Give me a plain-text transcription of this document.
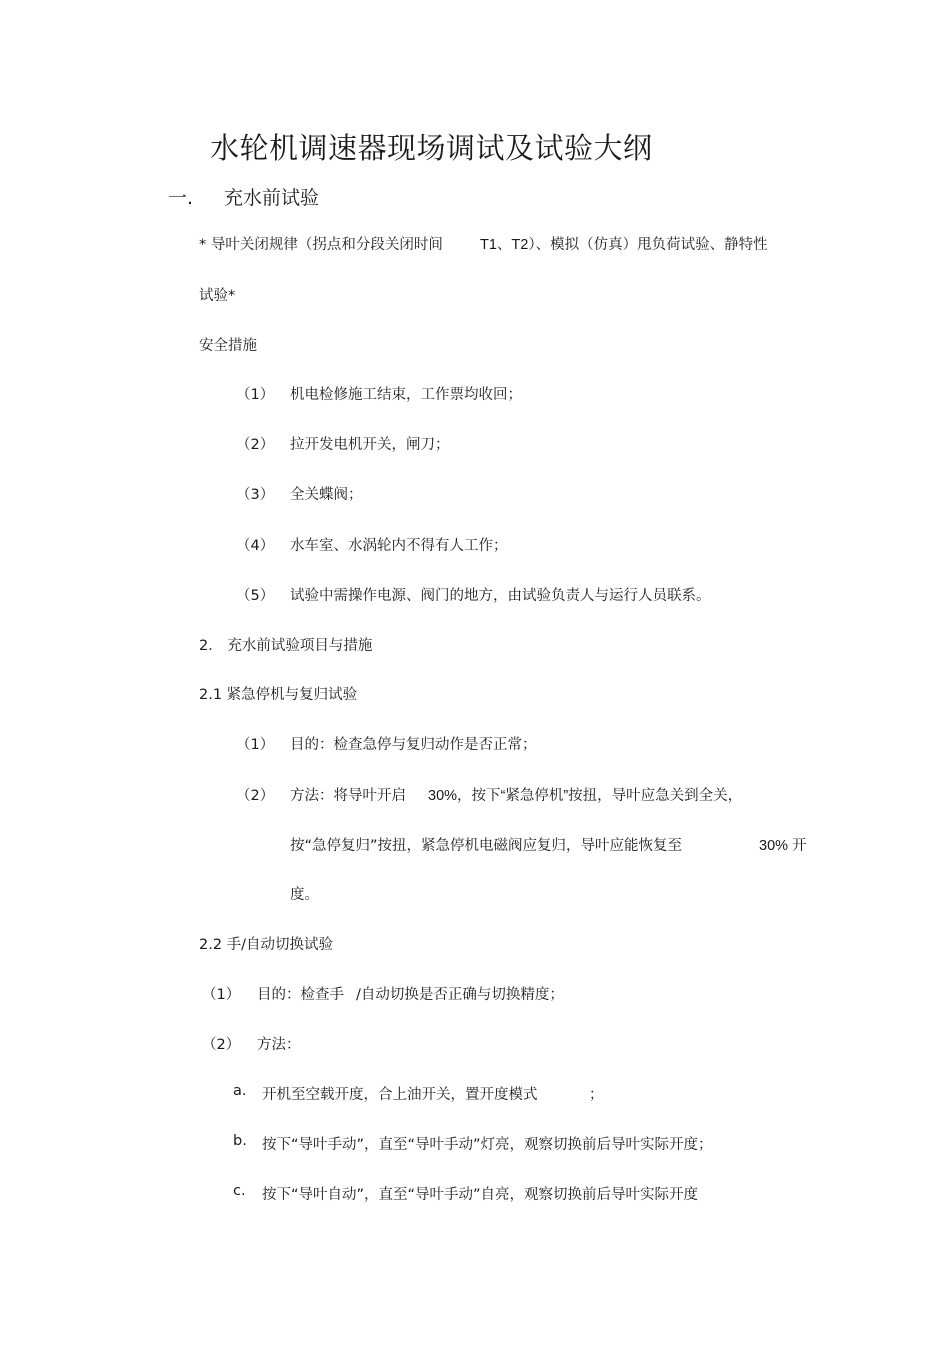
水轮机调速器现场调试及试验大纲
一. 充水前试验
* 导叶关闭规律（拐点和分段关闭时间	T1、T2）、模拟（仿真）甩负荷试验、静特性
试验*
安全措施
（1） 机电检修施工结束，工作票均收回；
（2） 拉开发电机开关，闸刀；
（3） 全关蝶阀；
（4） 水车室、水涡轮内不得有人工作；
（5） 试验中需操作电源、阀门的地方，由试验负责人与运行人员联系。
2． 充水前试验项目与措施
2.1 紧急停机与复归试验
（1） 目的：检查急停与复归动作是否正常；
（2） 方法：将导叶开启 30%，按下“紧急停机”按扭，导叶应急关到全关，
按“急停复归”按扭，紧急停机电磁阀应复归，导叶应能恢复至	30% 开
度。
2.2 手/自动切换试验
（1） 目的：检查手 /自动切换是否正确与切换精度；
（2） 方法：
a. 开机至空载开度，合上油开关，置开度模式	；
b. 按下“导叶手动”，直至“导叶手动”灯亮，观察切换前后导叶实际开度；
c. 按下“导叶自动”，直至“导叶手动”自亮，观察切换前后导叶实际开度
